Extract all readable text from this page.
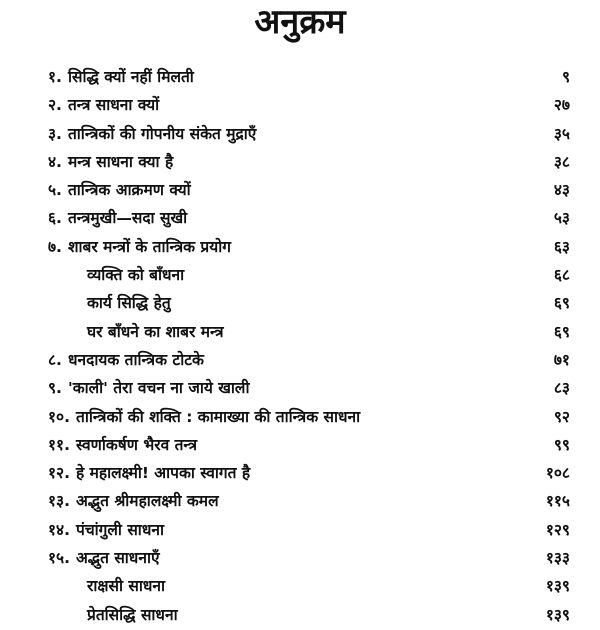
अनुक्रम
१. सिद्धि क्यों नहीं मिलती	९
२. तन्त्र साधना क्यों	२७
३. तान्त्रिकों की गोपनीय संकेत मुद्राएँ	३५
४. मन्त्र साधना क्या है	३८
५. तान्त्रिक आक्रमण क्यों	४३
६. तन्त्रमुखी—सदा सुखी	५३
७. शाबर मन्त्रों के तान्त्रिक प्रयोग	६३
व्यक्ति को बाँधना	६८
कार्य सिद्धि हेतु	६९
घर बाँधने का शाबर मन्त्र	६९
८. धनदायक तान्त्रिक टोटके	७१
९. 'काली' तेरा वचन ना जाये खाली	८३
१०. तान्त्रिकों की शक्ति : कामाख्या की तान्त्रिक साधना	९२
११. स्वर्णाकर्षण भैरव तन्त्र	९९
१२. हे महालक्ष्मी! आपका स्वागत है	१०८
१३. अद्भुत श्रीमहालक्ष्मी कमल	११५
१४. पंचांगुली साधना	१२९
१५. अद्भुत साधनाएँ	१३३
राक्षसी साधना	१३९
प्रेतसिद्धि साधना	१३९
